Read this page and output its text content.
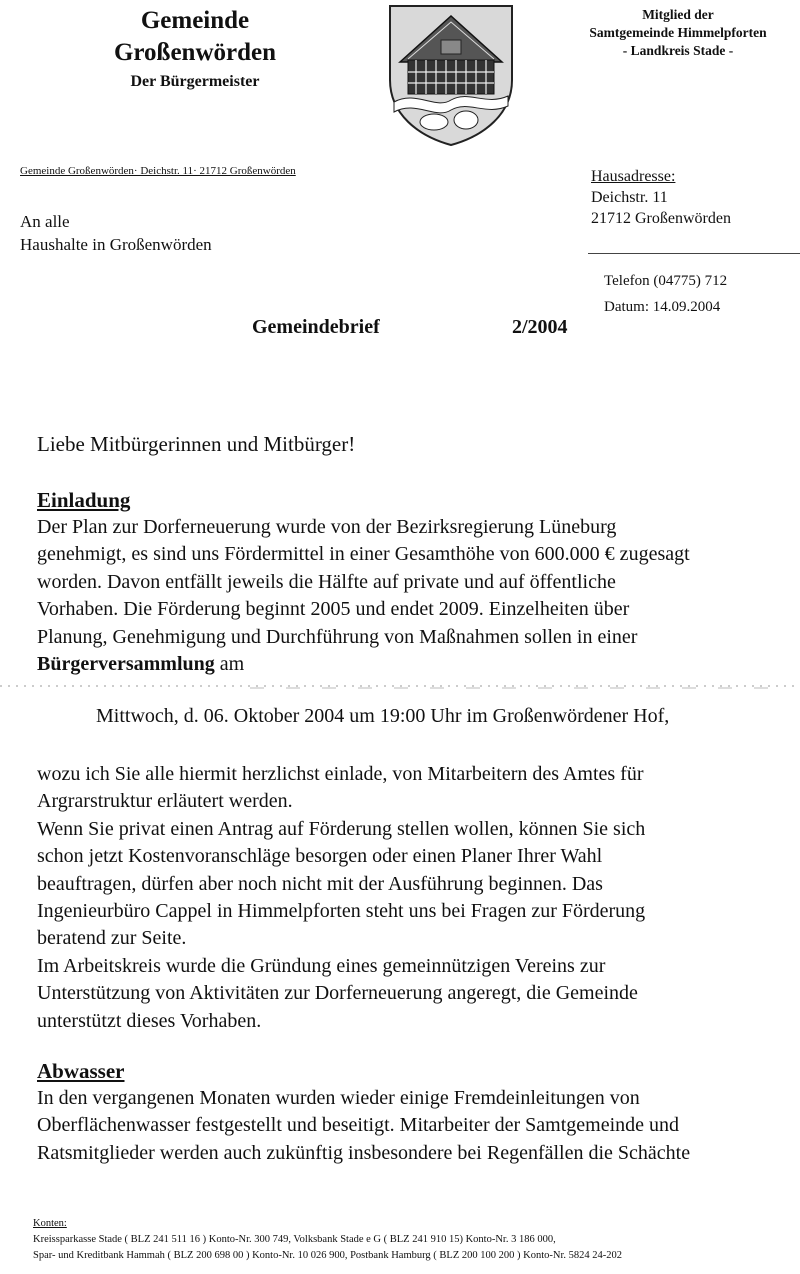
Gemeinde
Großenwörden
Der Bürgermeister
Mitglied der
Samtgemeinde Himmelpforten
- Landkreis Stade -
Gemeinde Großenwörden· Deichstr. 11· 21712 Großenwörden
An alle
Haushalte in Großenwörden
Hausadresse:
Deichstr. 11
21712 Großenwörden
Telefon (04775) 712
Datum: 14.09.2004
Gemeindebrief	2/2004
Liebe Mitbürgerinnen und Mitbürger!
Einladung
Der Plan zur Dorferneuerung wurde von der Bezirksregierung Lüneburg
genehmigt, es sind uns Fördermittel in einer Gesamthöhe von 600.000 € zugesagt
worden. Davon entfällt jeweils die Hälfte auf private und auf öffentliche
Vorhaben. Die Förderung beginnt 2005 und endet 2009. Einzelheiten über
Planung, Genehmigung und Durchführung von Maßnahmen sollen in einer
Bürgerversammlung am
Mittwoch, d. 06. Oktober 2004 um 19:00 Uhr im Großenwördener Hof,
wozu ich Sie alle hiermit herzlichst einlade, von Mitarbeitern des Amtes für
Argrarstruktur erläutert werden.
Wenn Sie privat einen Antrag auf Förderung stellen wollen, können Sie sich
schon jetzt Kostenvoranschläge besorgen oder einen Planer Ihrer Wahl
beauftragen, dürfen aber noch nicht mit der Ausführung beginnen. Das
Ingenieurbüro Cappel in Himmelpforten steht uns bei Fragen zur Förderung
beratend zur Seite.
Im Arbeitskreis wurde die Gründung eines gemeinnützigen Vereins zur
Unterstützung von Aktivitäten zur Dorferneuerung angeregt, die Gemeinde
unterstützt dieses Vorhaben.
Abwasser
In den vergangenen Monaten wurden wieder einige Fremdeinleitungen von
Oberflächenwasser festgestellt und beseitigt. Mitarbeiter der Samtgemeinde und
Ratsmitglieder werden auch zukünftig insbesondere bei Regenfällen die Schächte
Konten:
Kreissparkasse Stade ( BLZ 241 511 16 ) Konto-Nr. 300 749, Volksbank Stade e G ( BLZ 241 910 15) Konto-Nr. 3 186 000,
Spar- und Kreditbank Hammah ( BLZ 200 698 00 ) Konto-Nr. 10 026 900, Postbank Hamburg ( BLZ 200 100 200 ) Konto-Nr. 5824 24-202
